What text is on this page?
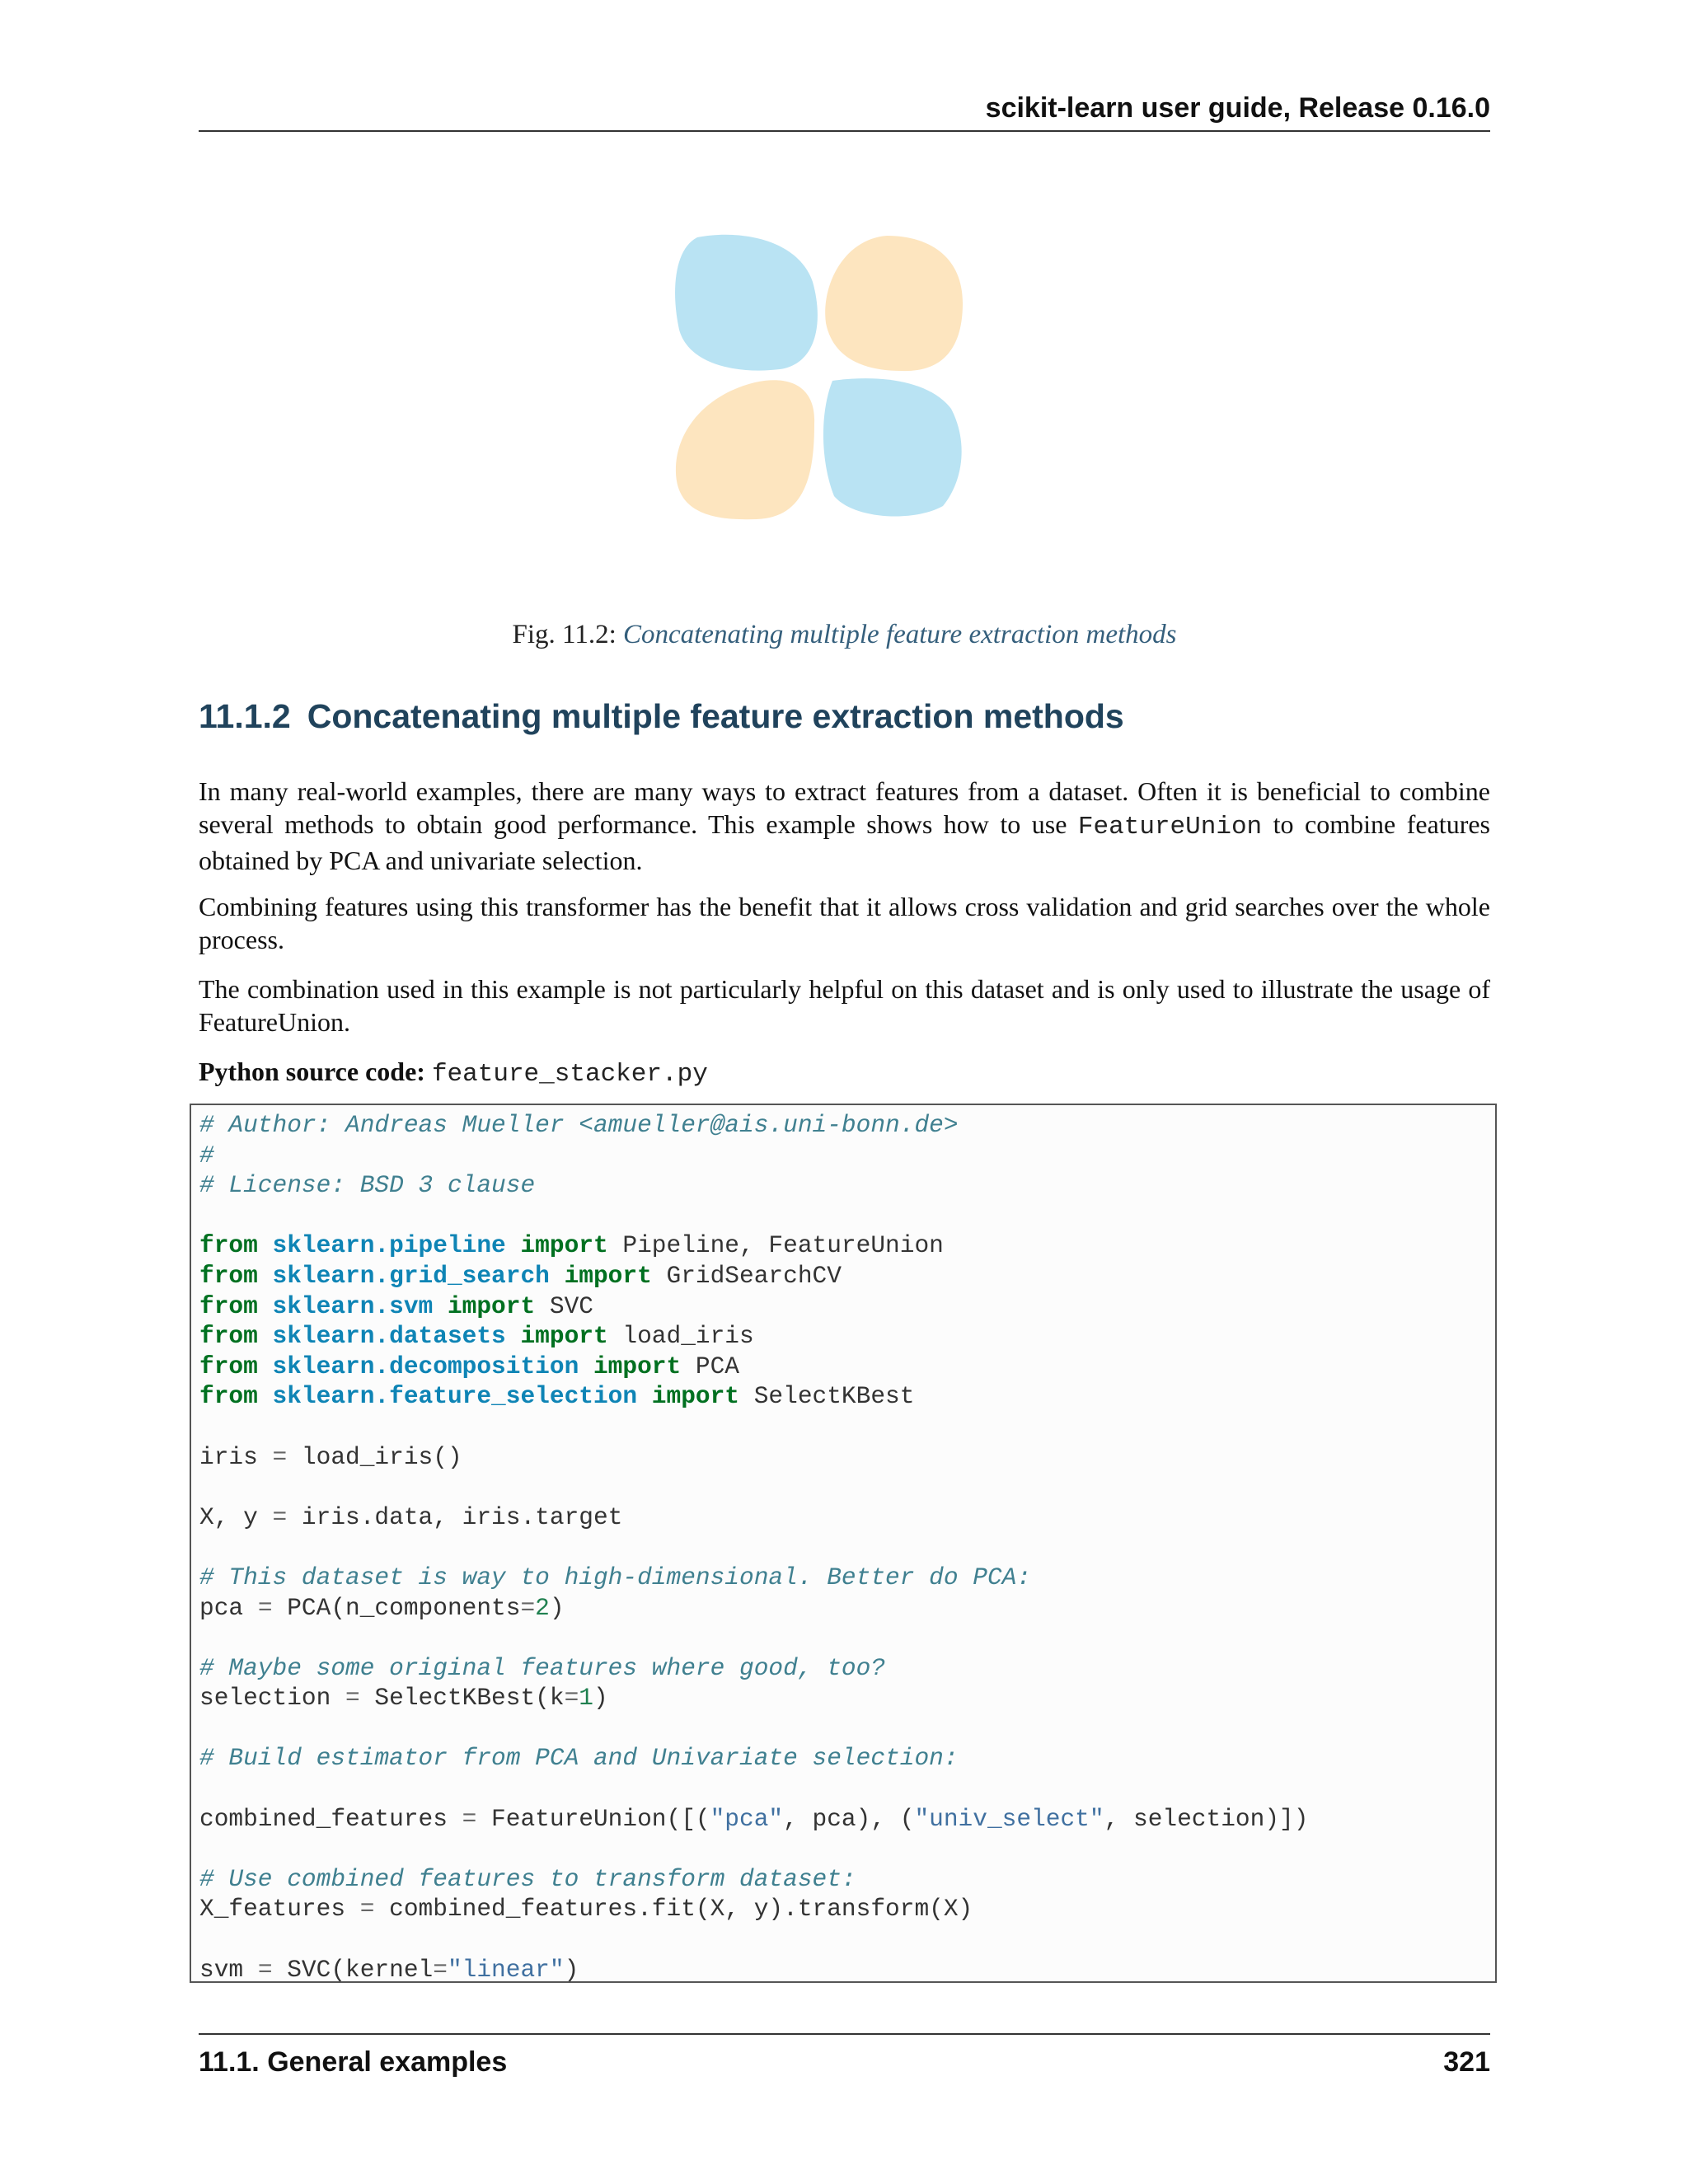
scikit-learn user guide, Release 0.16.0
Fig. 11.2: Concatenating multiple feature extraction methods
11.1.2 Concatenating multiple feature extraction methods

In many real-world examples, there are many ways to extract features from a dataset. Often it is beneficial to combine several methods to obtain good performance. This example shows how to use FeatureUnion to combine features obtained by PCA and univariate selection.

Combining features using this transformer has the benefit that it allows cross validation and grid searches over the whole process.

The combination used in this example is not particularly helpful on this dataset and is only used to illustrate the usage of FeatureUnion.

Python source code: feature_stacker.py

# Author: Andreas Mueller <amueller@ais.uni-bonn.de>
#
# License: BSD 3 clause

from sklearn.pipeline import Pipeline, FeatureUnion
from sklearn.grid_search import GridSearchCV
from sklearn.svm import SVC
from sklearn.datasets import load_iris
from sklearn.decomposition import PCA
from sklearn.feature_selection import SelectKBest

iris = load_iris()

X, y = iris.data, iris.target

# This dataset is way to high-dimensional. Better do PCA:
pca = PCA(n_components=2)

# Maybe some original features where good, too?
selection = SelectKBest(k=1)

# Build estimator from PCA and Univariate selection:

combined_features = FeatureUnion([("pca", pca), ("univ_select", selection)])

# Use combined features to transform dataset:
X_features = combined_features.fit(X, y).transform(X)

svm = SVC(kernel="linear")
11.1. General examples	321
